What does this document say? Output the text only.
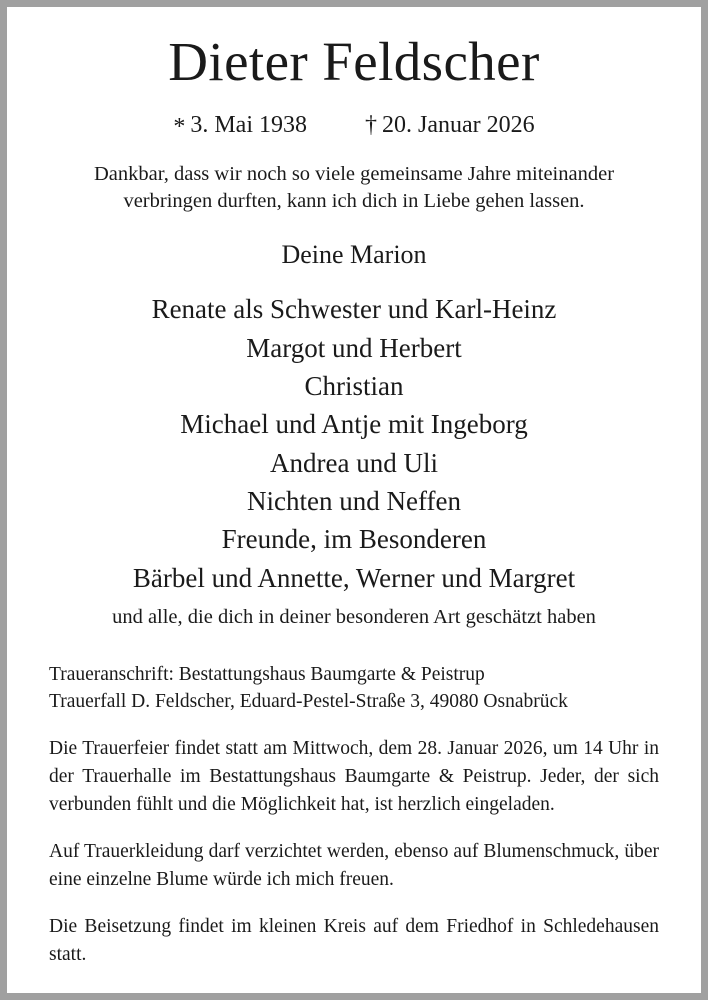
Dieter Feldscher
* 3. Mai 1938 † 20. Januar 2026
Dankbar, dass wir noch so viele gemeinsame Jahre miteinander
verbringen durften, kann ich dich in Liebe gehen lassen.
Deine Marion
Renate als Schwester und Karl-Heinz
Margot und Herbert
Christian
Michael und Antje mit Ingeborg
Andrea und Uli
Nichten und Neffen
Freunde, im Besonderen
Bärbel und Annette, Werner und Margret
und alle, die dich in deiner besonderen Art geschätzt haben
Traueranschrift: Bestattungshaus Baumgarte & Peistrup
Trauerfall D. Feldscher, Eduard-Pestel-Straße 3, 49080 Osnabrück

Die Trauerfeier findet statt am Mittwoch, dem 28. Januar 2026, um 14 Uhr in der Trauerhalle im Bestattungshaus Baumgarte & Peistrup. Jeder, der sich verbunden fühlt und die Möglichkeit hat, ist herzlich eingeladen.

Auf Trauerkleidung darf verzichtet werden, ebenso auf Blumenschmuck, über eine einzelne Blume würde ich mich freuen.

Die Beisetzung findet im kleinen Kreis auf dem Friedhof in Schledehausen statt.
